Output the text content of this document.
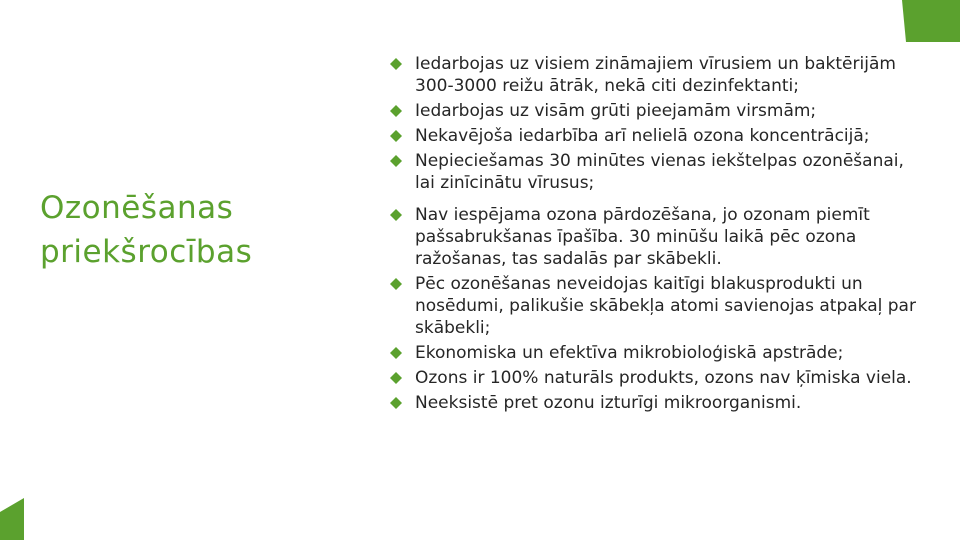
Ozonēšanas priekšrocības
Iedarbojas uz visiem zināmajiem vīrusiem un baktērijām 300-3000 reižu ātrāk, nekā citi dezinfektanti;
Iedarbojas uz visām grūti pieejamām virsmām;
Nekavējoša iedarbība arī nelielā ozona koncentrācijā;
Nepieciešamas 30 minūtes vienas iekštelpas ozonēšanai, lai zinīcinātu vīrusus;
Nav iespējama ozona pārdozēšana, jo ozonam piemīt pašsabrukšanas īpašība. 30 minūšu laikā pēc ozona ražošanas, tas sadalās par skābekli.
Pēc ozonēšanas neveidojas kaitīgi blakusprodukti un nosēdumi, palikušie skābekļa atomi savienojas atpakaļ par skābekli;
Ekonomiska un efektīva mikrobioloģiskā apstrāde;
Ozons ir 100% naturāls produkts, ozons nav ķīmiska viela.
Neeksistē pret ozonu izturīgi mikroorganismi.
